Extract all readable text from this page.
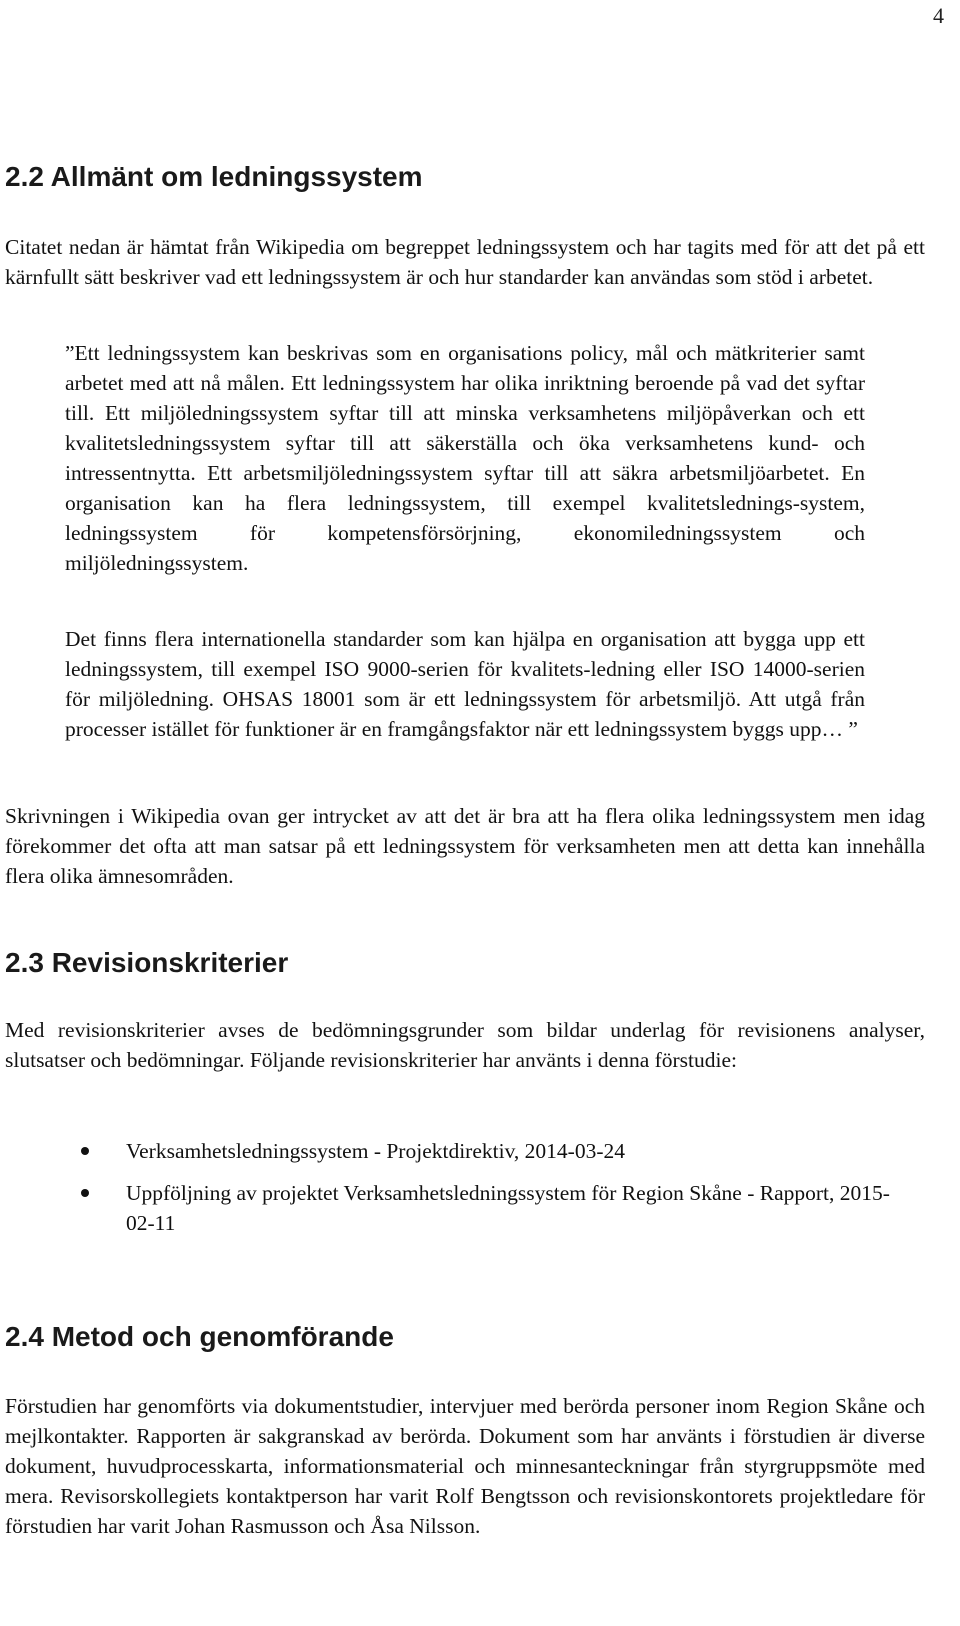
4
2.2 Allmänt om ledningssystem

Citatet nedan är hämtat från Wikipedia om begreppet ledningssystem och har tagits med för att det på ett kärnfullt sätt beskriver vad ett ledningssystem är och hur standarder kan användas som stöd i arbetet.

”Ett ledningssystem kan beskrivas som en organisations policy, mål och mätkriterier samt arbetet med att nå målen. Ett ledningssystem har olika inriktning beroende på vad det syftar till. Ett miljöledningssystem syftar till att minska verksamhetens miljöpåverkan och ett kvalitetsledningssystem syftar till att säkerställa och öka verksamhetens kund- och intressentnytta. Ett arbetsmiljöledningssystem syftar till att säkra arbetsmiljöarbetet. En organisation kan ha flera ledningssystem, till exempel kvalitetslednings-system, ledningssystem för kompetensförsörjning, ekonomiledningssystem och miljöledningssystem.

Det finns flera internationella standarder som kan hjälpa en organisation att bygga upp ett ledningssystem, till exempel ISO 9000-serien för kvalitets-ledning eller ISO 14000-serien för miljöledning. OHSAS 18001 som är ett ledningssystem för arbetsmiljö. Att utgå från processer istället för funktioner är en framgångsfaktor när ett ledningssystem byggs upp… ”

Skrivningen i Wikipedia ovan ger intrycket av att det är bra att ha flera olika ledningssystem men idag förekommer det ofta att man satsar på ett ledningssystem för verksamheten men att detta kan innehålla flera olika ämnesområden.

2.3 Revisionskriterier

Med revisionskriterier avses de bedömningsgrunder som bildar underlag för revisionens analyser, slutsatser och bedömningar. Följande revisionskriterier har använts i denna förstudie:

Verksamhetsledningssystem - Projektdirektiv, 2014-03-24
Uppföljning av projektet Verksamhetsledningssystem för Region Skåne - Rapport, 2015-02-11
2.4 Metod och genomförande

Förstudien har genomförts via dokumentstudier, intervjuer med berörda personer inom Region Skåne och mejlkontakter. Rapporten är sakgranskad av berörda. Dokument som har använts i förstudien är diverse dokument, huvudprocesskarta, informationsmaterial och minnesanteckningar från styrgruppsmöte med mera. Revisorskollegiets kontaktperson har varit Rolf Bengtsson och revisionskontorets projektledare för förstudien har varit Johan Rasmusson och Åsa Nilsson.
